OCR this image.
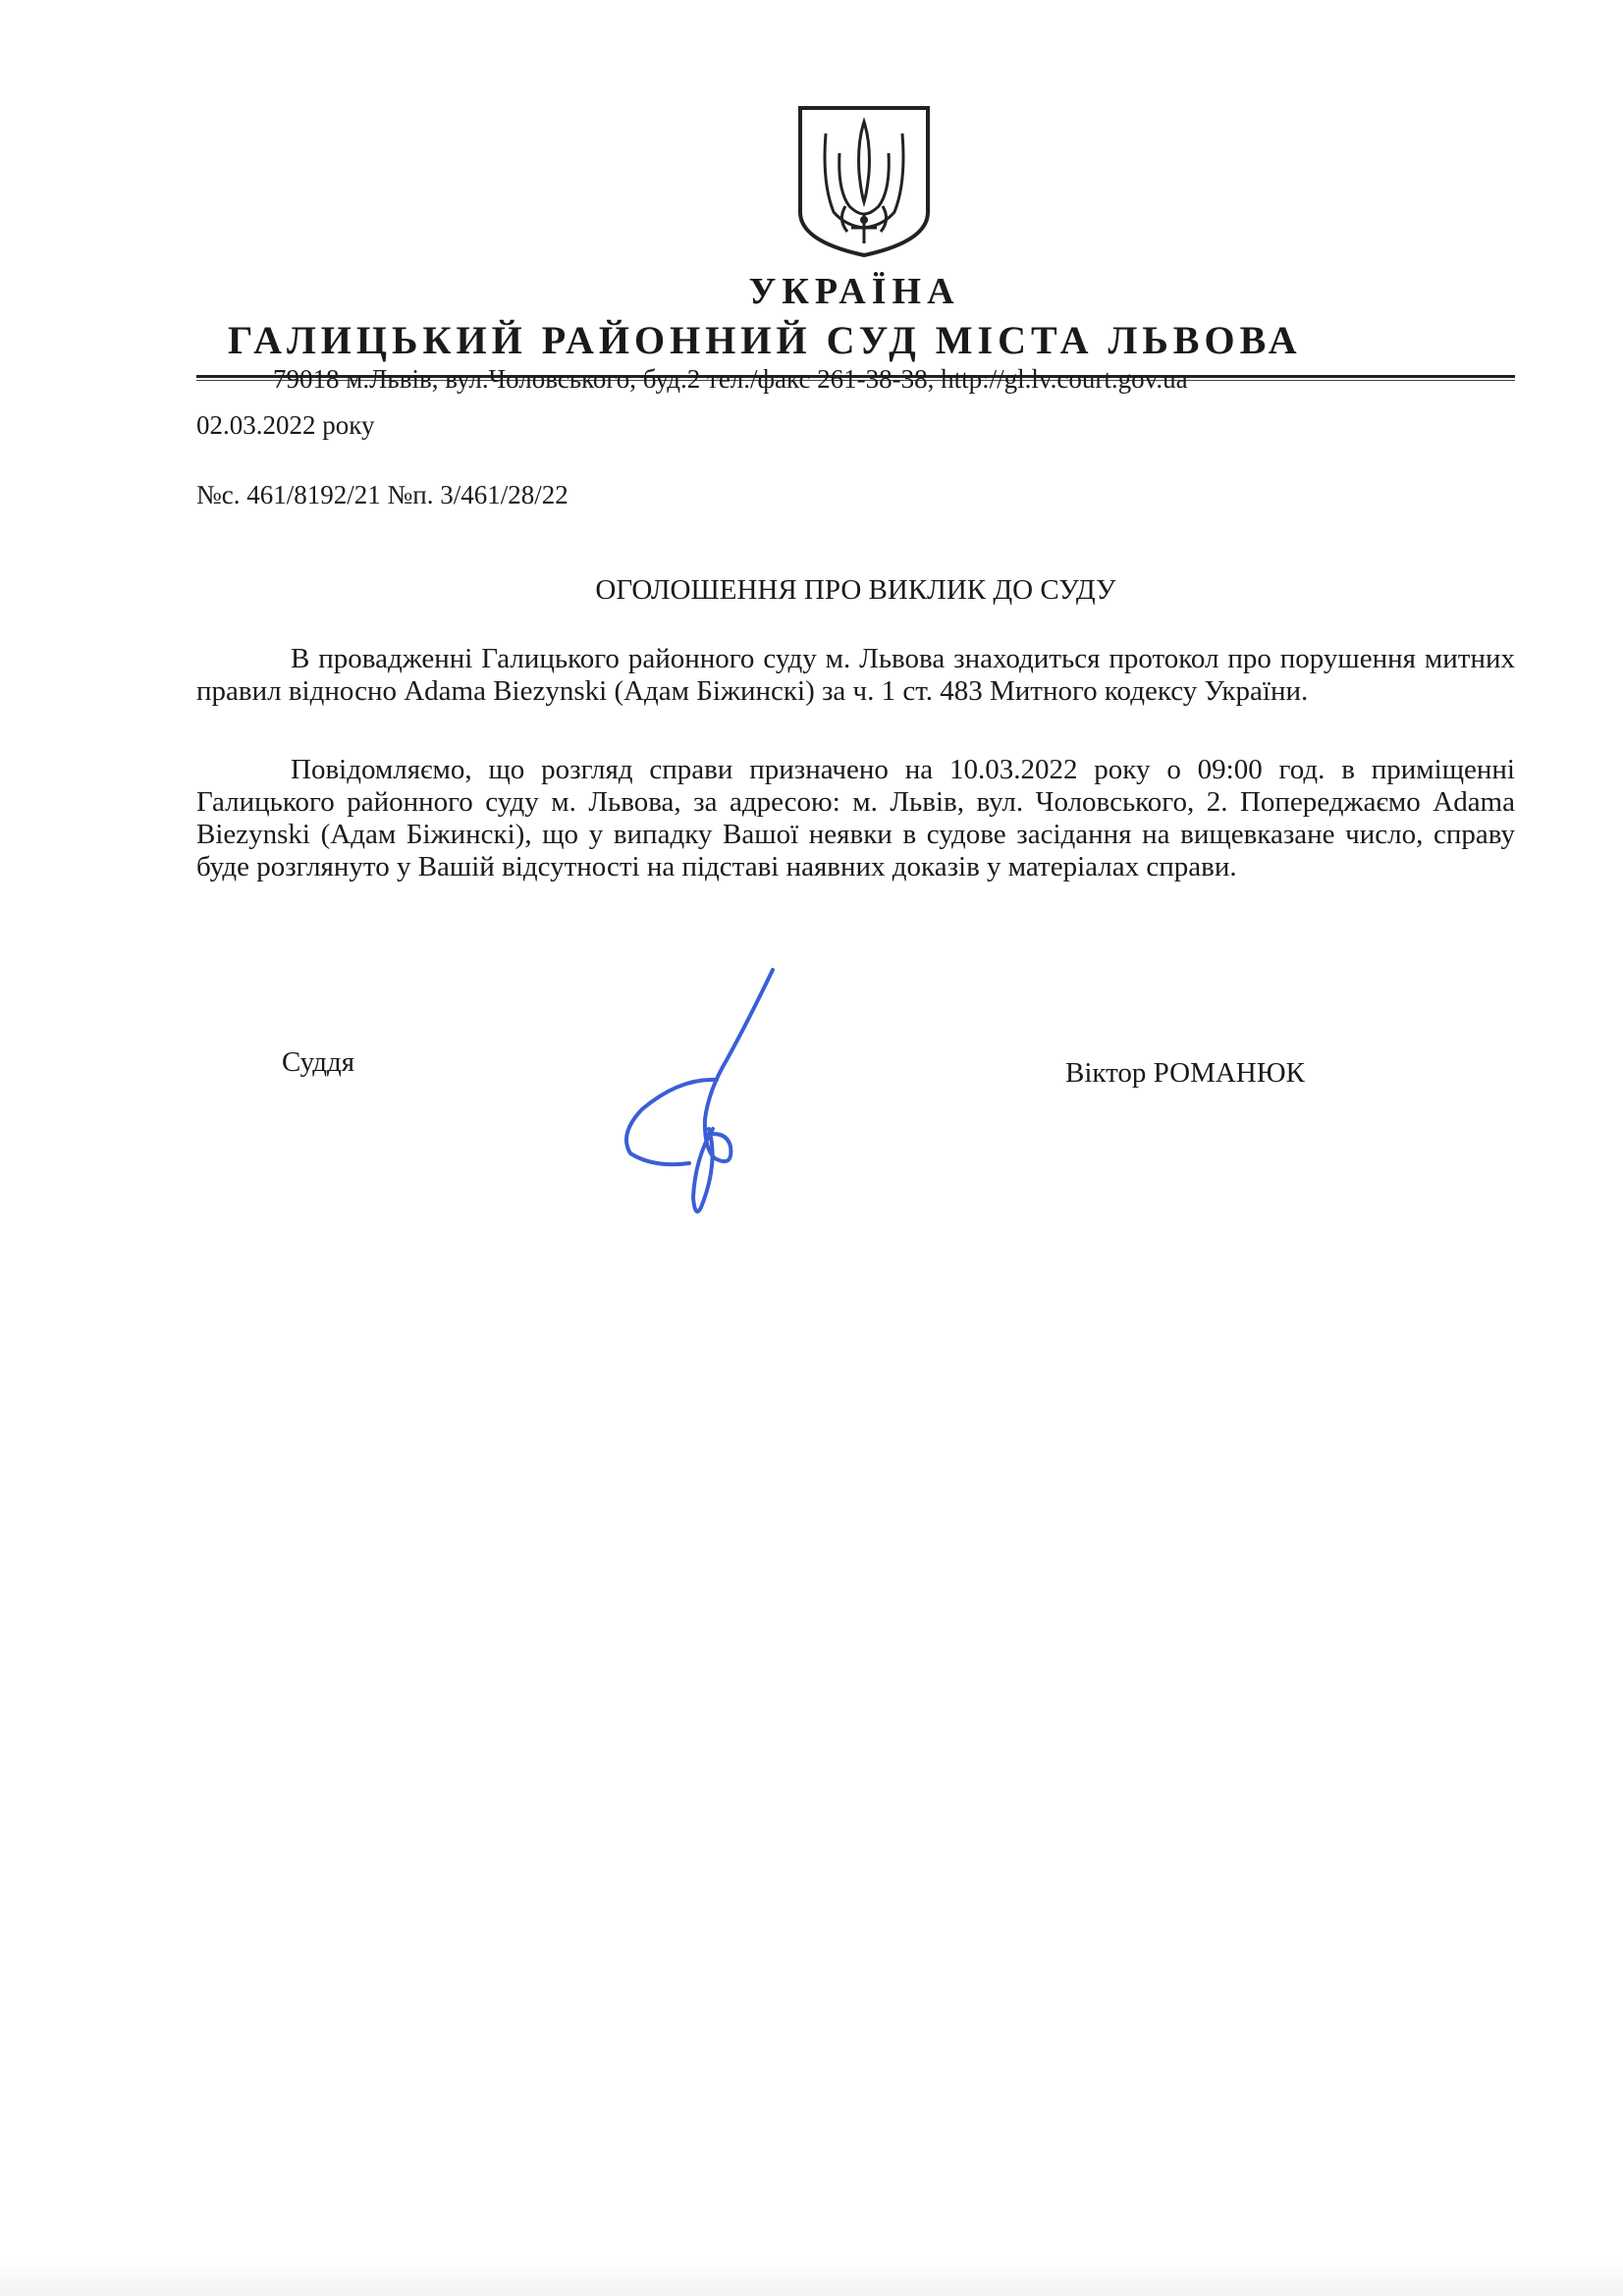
УКРАЇНА
ГАЛИЦЬКИЙ РАЙОННИЙ СУД МІСТА ЛЬВОВА
79018 м.Львів, вул.Чоловського, буд.2 тел./факс 261-38-38, http://gl.lv.court.gov.ua
02.03.2022 року
№с. 461/8192/21 №п. 3/461/28/22
ОГОЛОШЕННЯ ПРО ВИКЛИК ДО СУДУ
В провадженні Галицького районного суду м. Львова знаходиться протокол про порушення митних правил відносно Adama Biezynski (Адам Біжинскі) за ч. 1 ст. 483 Митного кодексу України.
Повідомляємо, що розгляд справи призначено на 10.03.2022 року о 09:00 год. в приміщенні Галицького районного суду м. Львова, за адресою: м. Львів, вул. Чоловського, 2. Попереджаємо Adama Biezynski (Адам Біжинскі), що у випадку Вашої неявки в судове засідання на вищевказане число, справу буде розглянуто у Вашій відсутності на підставі наявних доказів у матеріалах справи.
Суддя	Віктор РОМАНЮК
